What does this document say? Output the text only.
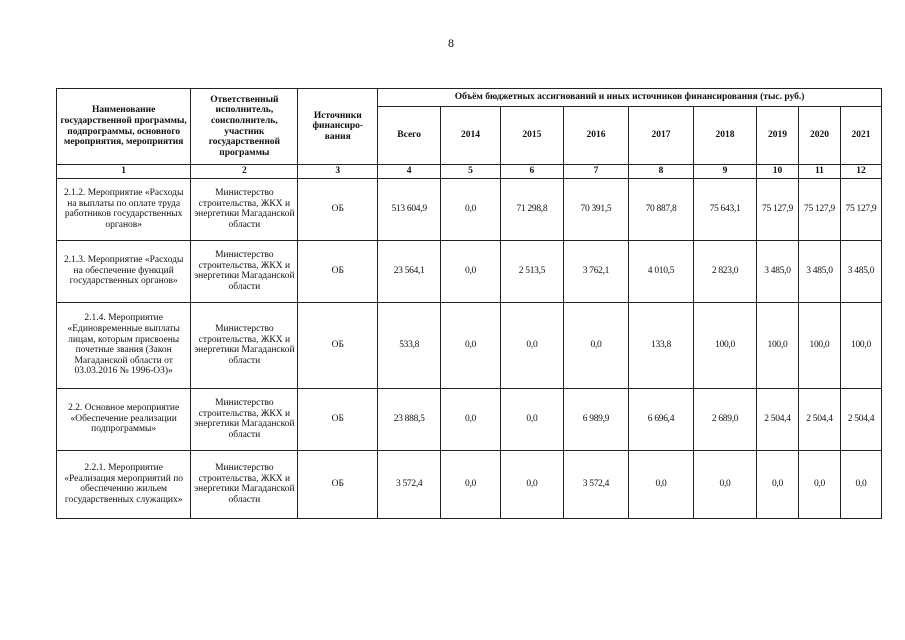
8
Наименование государственной программы, подпрограммы, основного мероприятия, мероприятия	Ответственный исполнитель, соисполнитель, участник государственной программы	Источники финансиро-вания	Объём бюджетных ассигнований и иных источников финансирования (тыс. руб.)								
			Всего	2014	2015	2016	2017	2018	2019	2020	2021
1	2	3	4	5	6	7	8	9	10	11	12
2.1.2. Мероприятие «Расходы на выплаты по оплате труда работников государственных органов»	Министерство строительства, ЖКХ и энергетики Магаданской области	ОБ	513 604,9	0,0	71 298,8	70 391,5	70 887,8	75 643,1	75 127,9	75 127,9	75 127,9
2.1.3. Мероприятие «Расходы на обеспечение функций государственных органов»	Министерство строительства, ЖКХ и энергетики Магаданской области	ОБ	23 564,1	0,0	2 513,5	3 762,1	4 010,5	2 823,0	3 485,0	3 485,0	3 485,0
2.1.4. Мероприятие «Единовременные выплаты лицам, которым присвоены почетные звания (Закон Магаданской области от 03.03.2016 № 1996-ОЗ)»	Министерство строительства, ЖКХ и энергетики Магаданской области	ОБ	533,8	0,0	0,0	0,0	133,8	100,0	100,0	100,0	100,0
2.2. Основное мероприятие «Обеспечение реализации подпрограммы»	Министерство строительства, ЖКХ и энергетики Магаданской области	ОБ	23 888,5	0,0	0,0	6 989,9	6 696,4	2 689,0	2 504,4	2 504,4	2 504,4
2.2.1. Мероприятие «Реализация мероприятий по обеспечению жильем государственных служащих»	Министерство строительства, ЖКХ и энергетики Магаданской области	ОБ	3 572,4	0,0	0,0	3 572,4	0,0	0,0	0,0	0,0	0,0
